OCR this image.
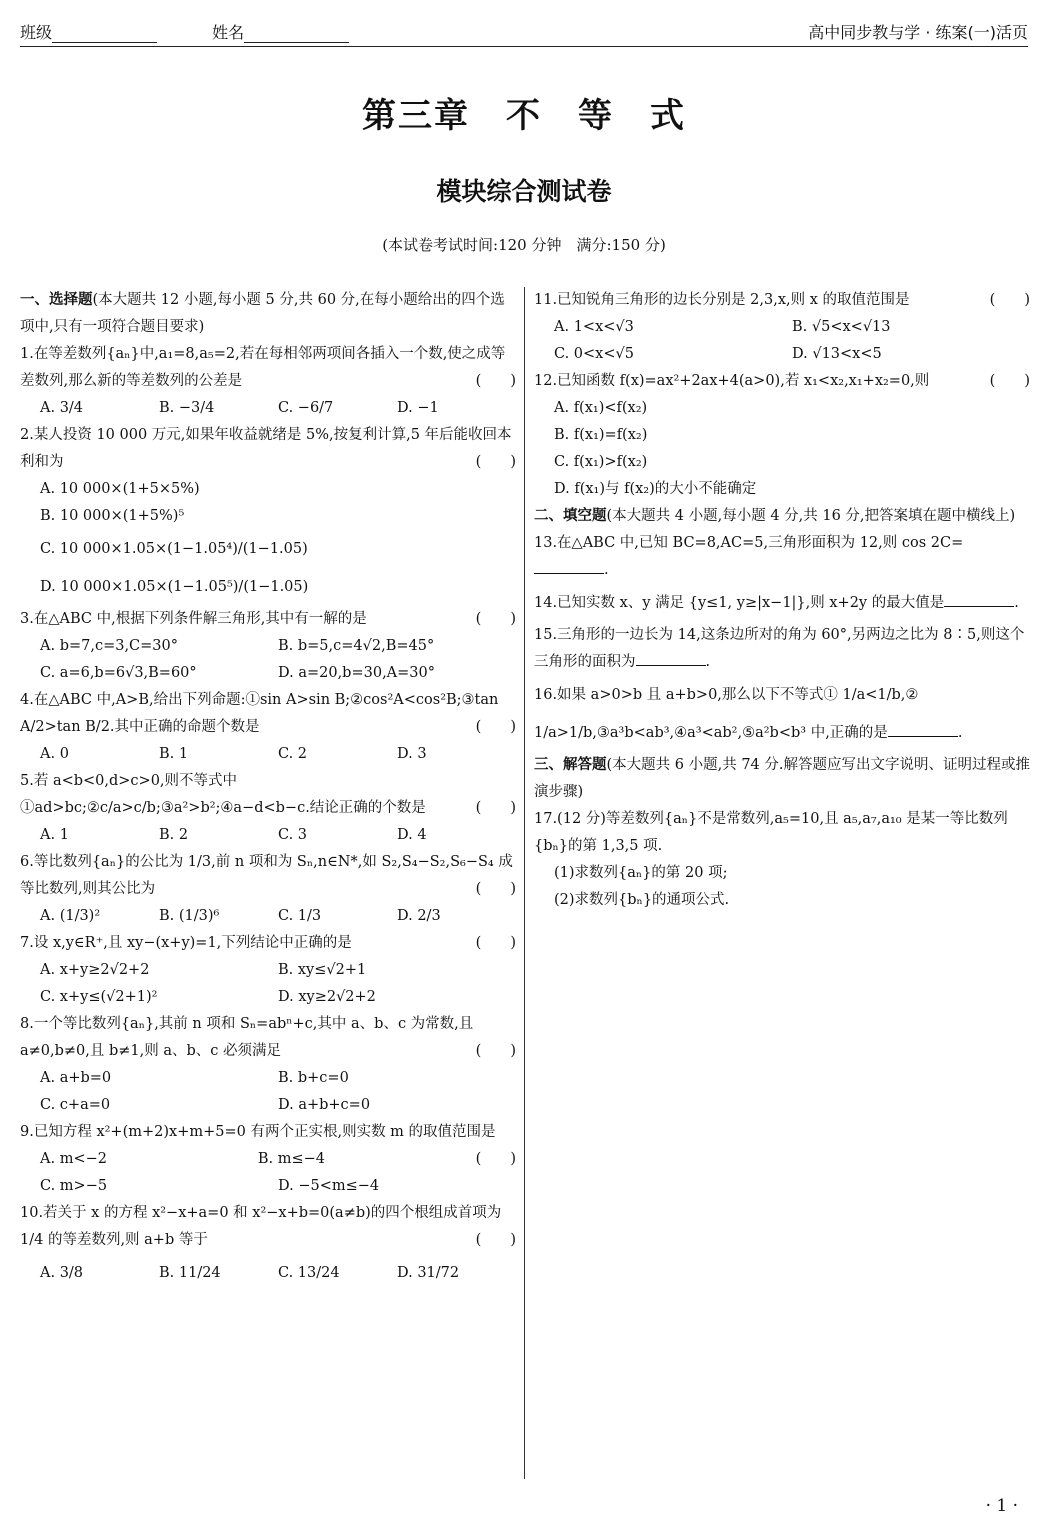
班级	姓名	高中同步教与学 · 练案(一)活页
第三章　不　等　式
模块综合测试卷
(本试卷考试时间:120 分钟　满分:150 分)

一、选择题(本大题共 12 小题,每小题 5 分,共 60 分,在每小题给出的四个选项中,只有一项符合题目要求)

1.在等差数列{aₙ}中,a₁=8,a₅=2,若在每相邻两项间各插入一个数,使之成等差数列,那么新的等差数列的公差是	(　　)

A. 3/4	B. −3/4	C. −6/7	D. −1

2.某人投资 10 000 万元,如果年收益就绪是 5%,按复利计算,5 年后能收回本利和为	(　　)

A. 10 000×(1+5×5%)
B. 10 000×(1+5%)⁵
C. 10 000×1.05×(1−1.05⁴)/(1−1.05)
D. 10 000×1.05×(1−1.05⁵)/(1−1.05)

3.在△ABC 中,根据下列条件解三角形,其中有一解的是	(　　)

A. b=7,c=3,C=30°	B. b=5,c=4√2,B=45°
C. a=6,b=6√3,B=60°	D. a=20,b=30,A=30°

4.在△ABC 中,A>B,给出下列命题:①sin A>sin B;②cos²A<cos²B;③tan A/2>tan B/2.其中正确的命题个数是	(　　)

A. 0	B. 1	C. 2	D. 3

5.若 a<b<0,d>c>0,则不等式中①ad>bc;②c/a>c/b;③a²>b²;④a−d<b−c.结论正确的个数是	(　　)

A. 1	B. 2	C. 3	D. 4

6.等比数列{aₙ}的公比为 1/3,前 n 项和为 Sₙ,n∈N*,如 S₂,S₄−S₂,S₆−S₄ 成等比数列,则其公比为	(　　)

A. (1/3)²	B. (1/3)⁶	C. 1/3	D. 2/3

7.设 x,y∈R⁺,且 xy−(x+y)=1,下列结论中正确的是	(　　)

A. x+y≥2√2+2	B. xy≤√2+1
C. x+y≤(√2+1)²	D. xy≥2√2+2

8.一个等比数列{aₙ},其前 n 项和 Sₙ=abⁿ+c,其中 a、b、c 为常数,且 a≠0,b≠0,且 b≠1,则 a、b、c 必须满足	(　　)

A. a+b=0	B. b+c=0
C. c+a=0	D. a+b+c=0

9.已知方程 x²+(m+2)x+m+5=0 有两个正实根,则实数 m 的取值范围是
(　　)

A. m<−2	B. m≤−4
C. m>−5	D. −5<m≤−4

10.若关于 x 的方程 x²−x+a=0 和 x²−x+b=0(a≠b)的四个根组成首项为 1/4 的等差数列,则 a+b 等于	(　　)

A. 3/8	B. 11/24	C. 13/24	D. 31/72

11.已知锐角三角形的边长分别是 2,3,x,则 x 的取值范围是	(　　)

A. 1<x<√3	B. √5<x<√13
C. 0<x<√5	D. √13<x<5

12.已知函数 f(x)=ax²+2ax+4(a>0),若 x₁<x₂,x₁+x₂=0,则	(　　)

A. f(x₁)<f(x₂)
B. f(x₁)=f(x₂)
C. f(x₁)>f(x₂)
D. f(x₁)与 f(x₂)的大小不能确定

二、填空题(本大题共 4 小题,每小题 4 分,共 16 分,把答案填在题中横线上)

13.在△ABC 中,已知 BC=8,AC=5,三角形面积为 12,则 cos 2C=.

14.已知实数 x、y 满足 {y≤1, y≥|x−1|},则 x+2y 的最大值是	.

15.三角形的一边长为 14,这条边所对的角为 60°,另两边之比为 8∶5,则这个三角形的面积为	.

16.如果 a>0>b 且 a+b>0,那么以下不等式① 1/a<1/b,② 1/a>1/b,③a³b<ab³,④a³<ab²,⑤a²b<b³ 中,正确的是	.

三、解答题(本大题共 6 小题,共 74 分.解答题应写出文字说明、证明过程或推演步骤)

17.(12 分)等差数列{aₙ}不是常数列,a₅=10,且 a₅,a₇,a₁₀ 是某一等比数列{bₙ}的第 1,3,5 项.

(1)求数列{aₙ}的第 20 项;
(2)求数列{bₙ}的通项公式.
· 1 ·
